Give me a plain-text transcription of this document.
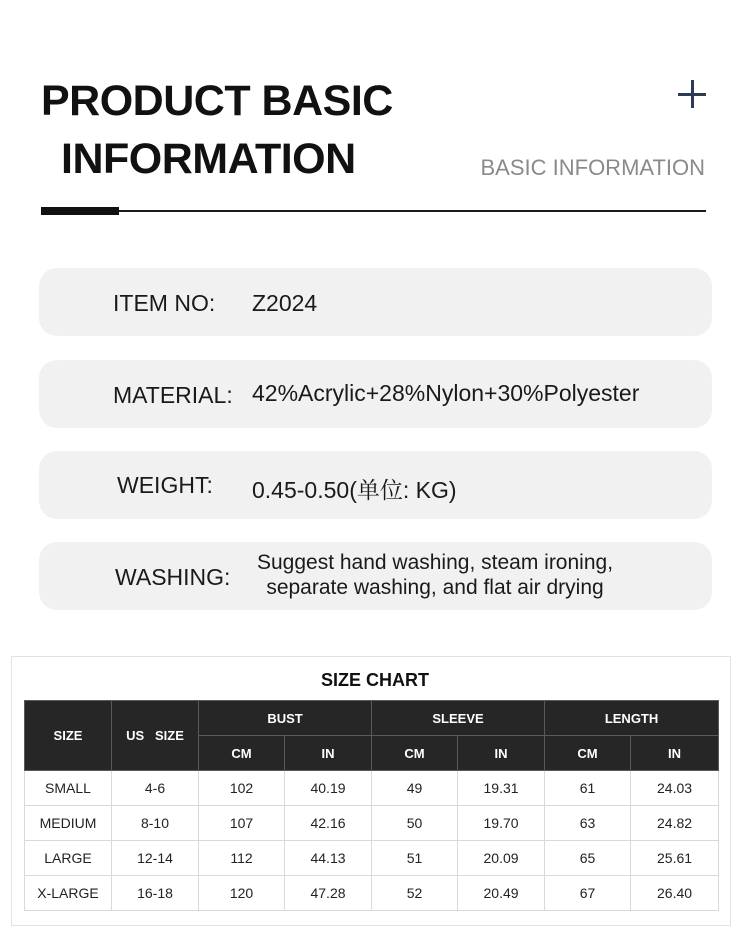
PRODUCT BASIC
INFORMATION	BASIC INFORMATION
ITEM NO: Z2024
MATERIAL: 42%Acrylic+28%Nylon+30%Polyester
WEIGHT: 0.45-0.50(单位: KG)
WASHING:
Suggest hand washing, steam ironing,
separate washing, and flat air drying
SIZE CHART
SIZE	US   SIZE	BUST		SLEEVE		LENGTH	
		CM	IN	CM	IN	CM	IN
SMALL	4-6	102	40.19	49	19.31	61	24.03
MEDIUM	8-10	107	42.16	50	19.70	63	24.82
LARGE	12-14	112	44.13	51	20.09	65	25.61
X-LARGE	16-18	120	47.28	52	20.49	67	26.40
